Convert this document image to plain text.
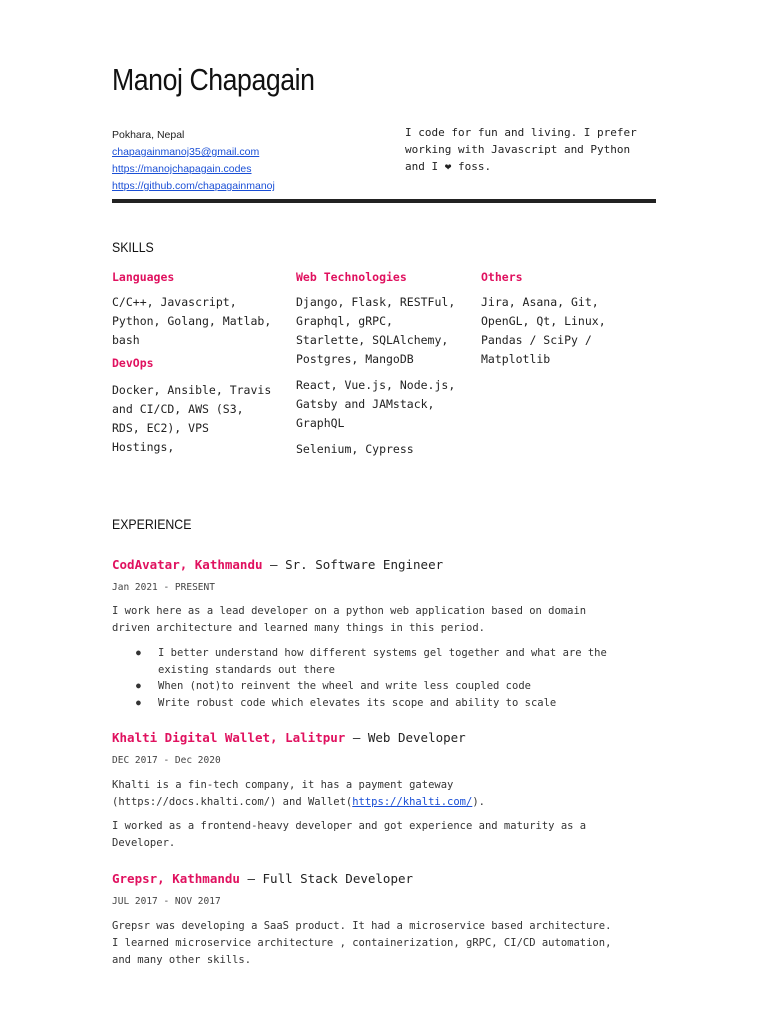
Manoj Chapagain
Pokhara, Nepal
chapagainmanoj35@gmail.com
https://manojchapagain.codes
https://github.com/chapagainmanoj
I code for fun and living. I prefer
working with Javascript and Python
and I ❤ foss.
SKILLS
Languages
C/C++, Javascript,
Python, Golang, Matlab,
bash
DevOps
Docker, Ansible, Travis
and CI/CD, AWS (S3,
RDS, EC2), VPS
Hostings,
Web Technologies
Django, Flask, RESTFul,
Graphql, gRPC,
Starlette, SQLAlchemy,
Postgres, MangoDB
React, Vue.js, Node.js,
Gatsby and JAMstack,
GraphQL
Selenium, Cypress
Others
Jira, Asana, Git,
OpenGL, Qt, Linux,
Pandas / SciPy /
Matplotlib
EXPERIENCE
CodAvatar, Kathmandu — Sr. Software Engineer
Jan 2021 - PRESENT
I work here as a lead developer on a python web application based on domain
driven architecture and learned many things in this period.
● I better understand how different systems gel together and what are the
existing standards out there
● When (not)to reinvent the wheel and write less coupled code
● Write robust code which elevates its scope and ability to scale
Khalti Digital Wallet, Lalitpur — Web Developer
DEC 2017 - Dec 2020
Khalti is a fin-tech company, it has a payment gateway
(https://docs.khalti.com/) and Wallet(https://khalti.com/).
I worked as a frontend-heavy developer and got experience and maturity as a
Developer.
Grepsr, Kathmandu — Full Stack Developer
JUL 2017 - NOV 2017
Grepsr was developing a SaaS product. It had a microservice based architecture.
I learned microservice architecture , containerization, gRPC, CI/CD automation,
and many other skills.
